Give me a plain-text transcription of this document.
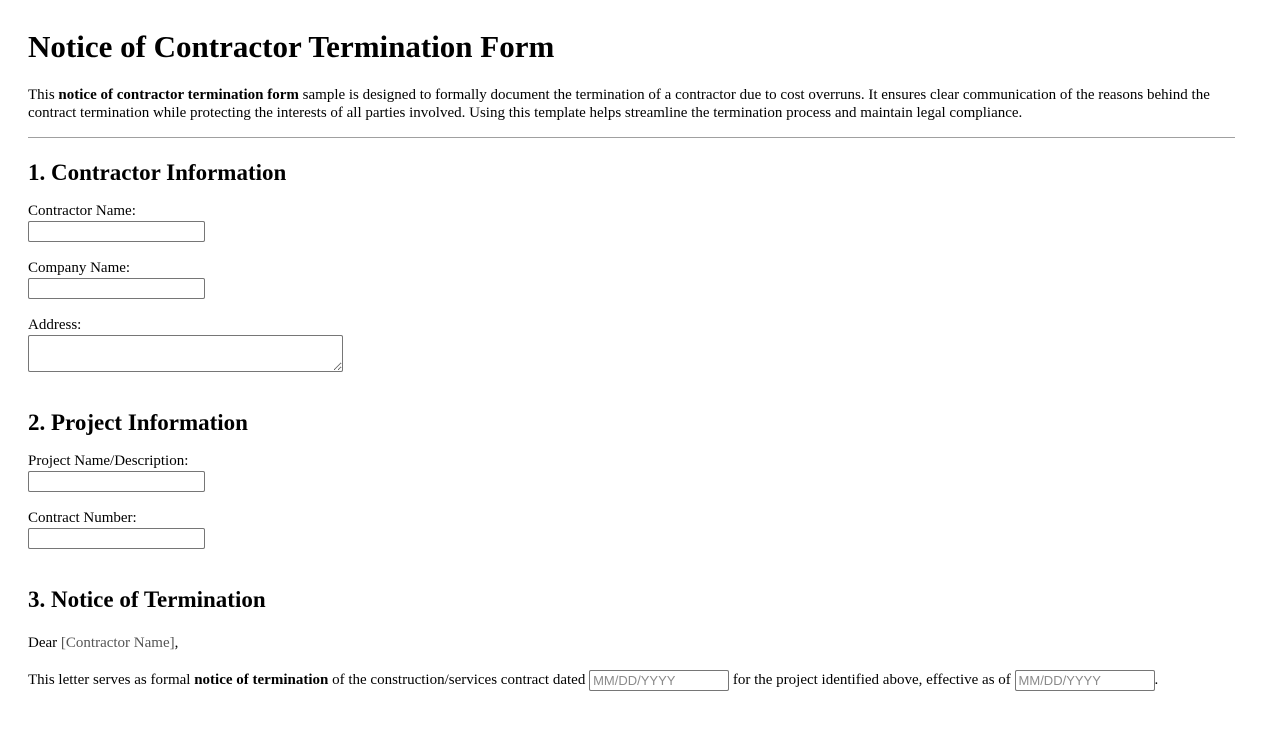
Notice of Contractor Termination Form

This notice of contractor termination form sample is designed to formally document the termination of a contractor due to cost overruns. It ensures clear communication of the reasons behind the contract termination while protecting the interests of all parties involved. Using this template helps streamline the termination process and maintain legal compliance.

1. Contractor Information
Contractor Name:
Company Name:
Address:
2. Project Information
Project Name/Description:
Contract Number:
3. Notice of Termination

Dear [Contractor Name],

This letter serves as formal notice of termination of the construction/services contract dated MM/DD/YYYY	for the project identified above, effective as of MM/DD/YYYY	.
